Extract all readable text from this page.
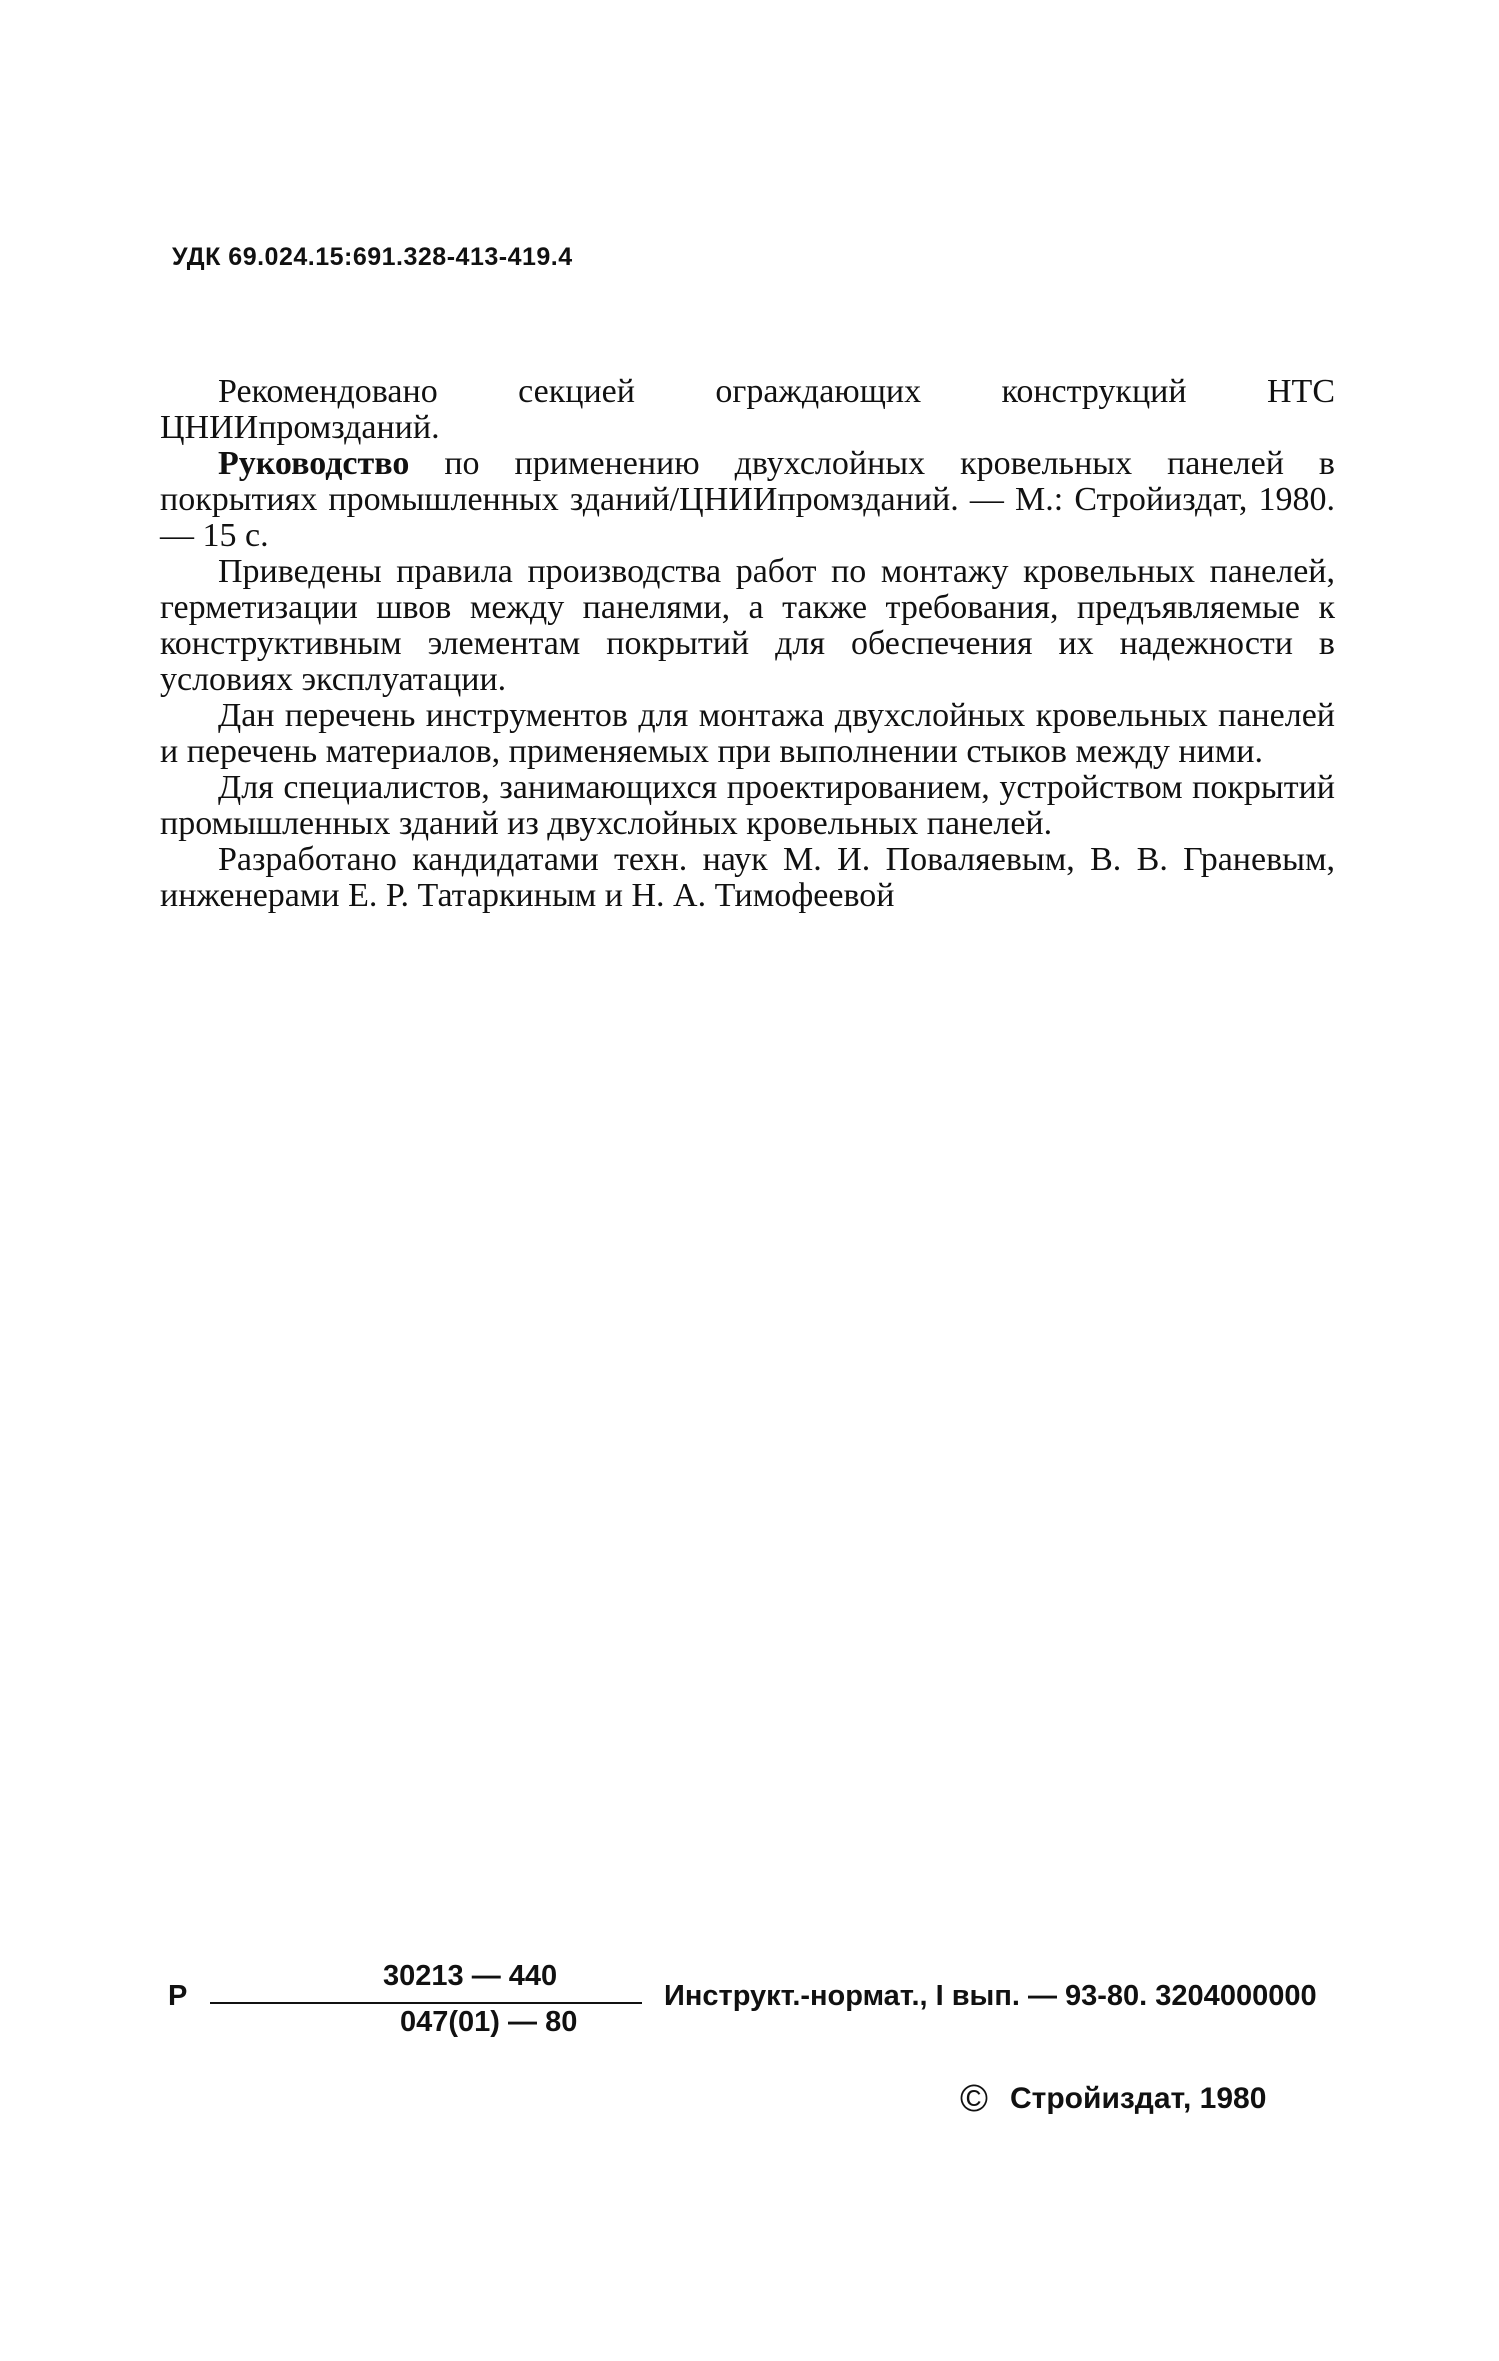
УДК 69.024.15:691.328-413-419.4

Рекомендовано секцией ограждающих конструкций НТС ЦНИИпромзданий.

Руководство по применению двухслойных кровельных панелей в покрытиях промышленных зданий/ЦНИИпромзданий. — М.: Стройиздат, 1980. — 15 с.

Приведены правила производства работ по монтажу кровельных панелей, герметизации швов между панелями, а также требования, предъявляемые к конструктивным элементам покрытий для обеспечения их надежности в условиях эксплуатации.

Дан перечень инструментов для монтажа двухслойных кровельных панелей и перечень материалов, применяемых при выполнении стыков между ними.

Для специалистов, занимающихся проектированием, устройством покрытий промышленных зданий из двухслойных кровельных панелей.

Разработано кандидатами техн. наук М. И. Поваляевым, В. В. Граневым, инженерами Е. Р. Татаркиным и Н. А. Тимофеевой

Р
30213 — 440
047(01) — 80
Инструкт.-нормат., I вып. — 93-80. 3204000000
© Стройиздат, 1980
